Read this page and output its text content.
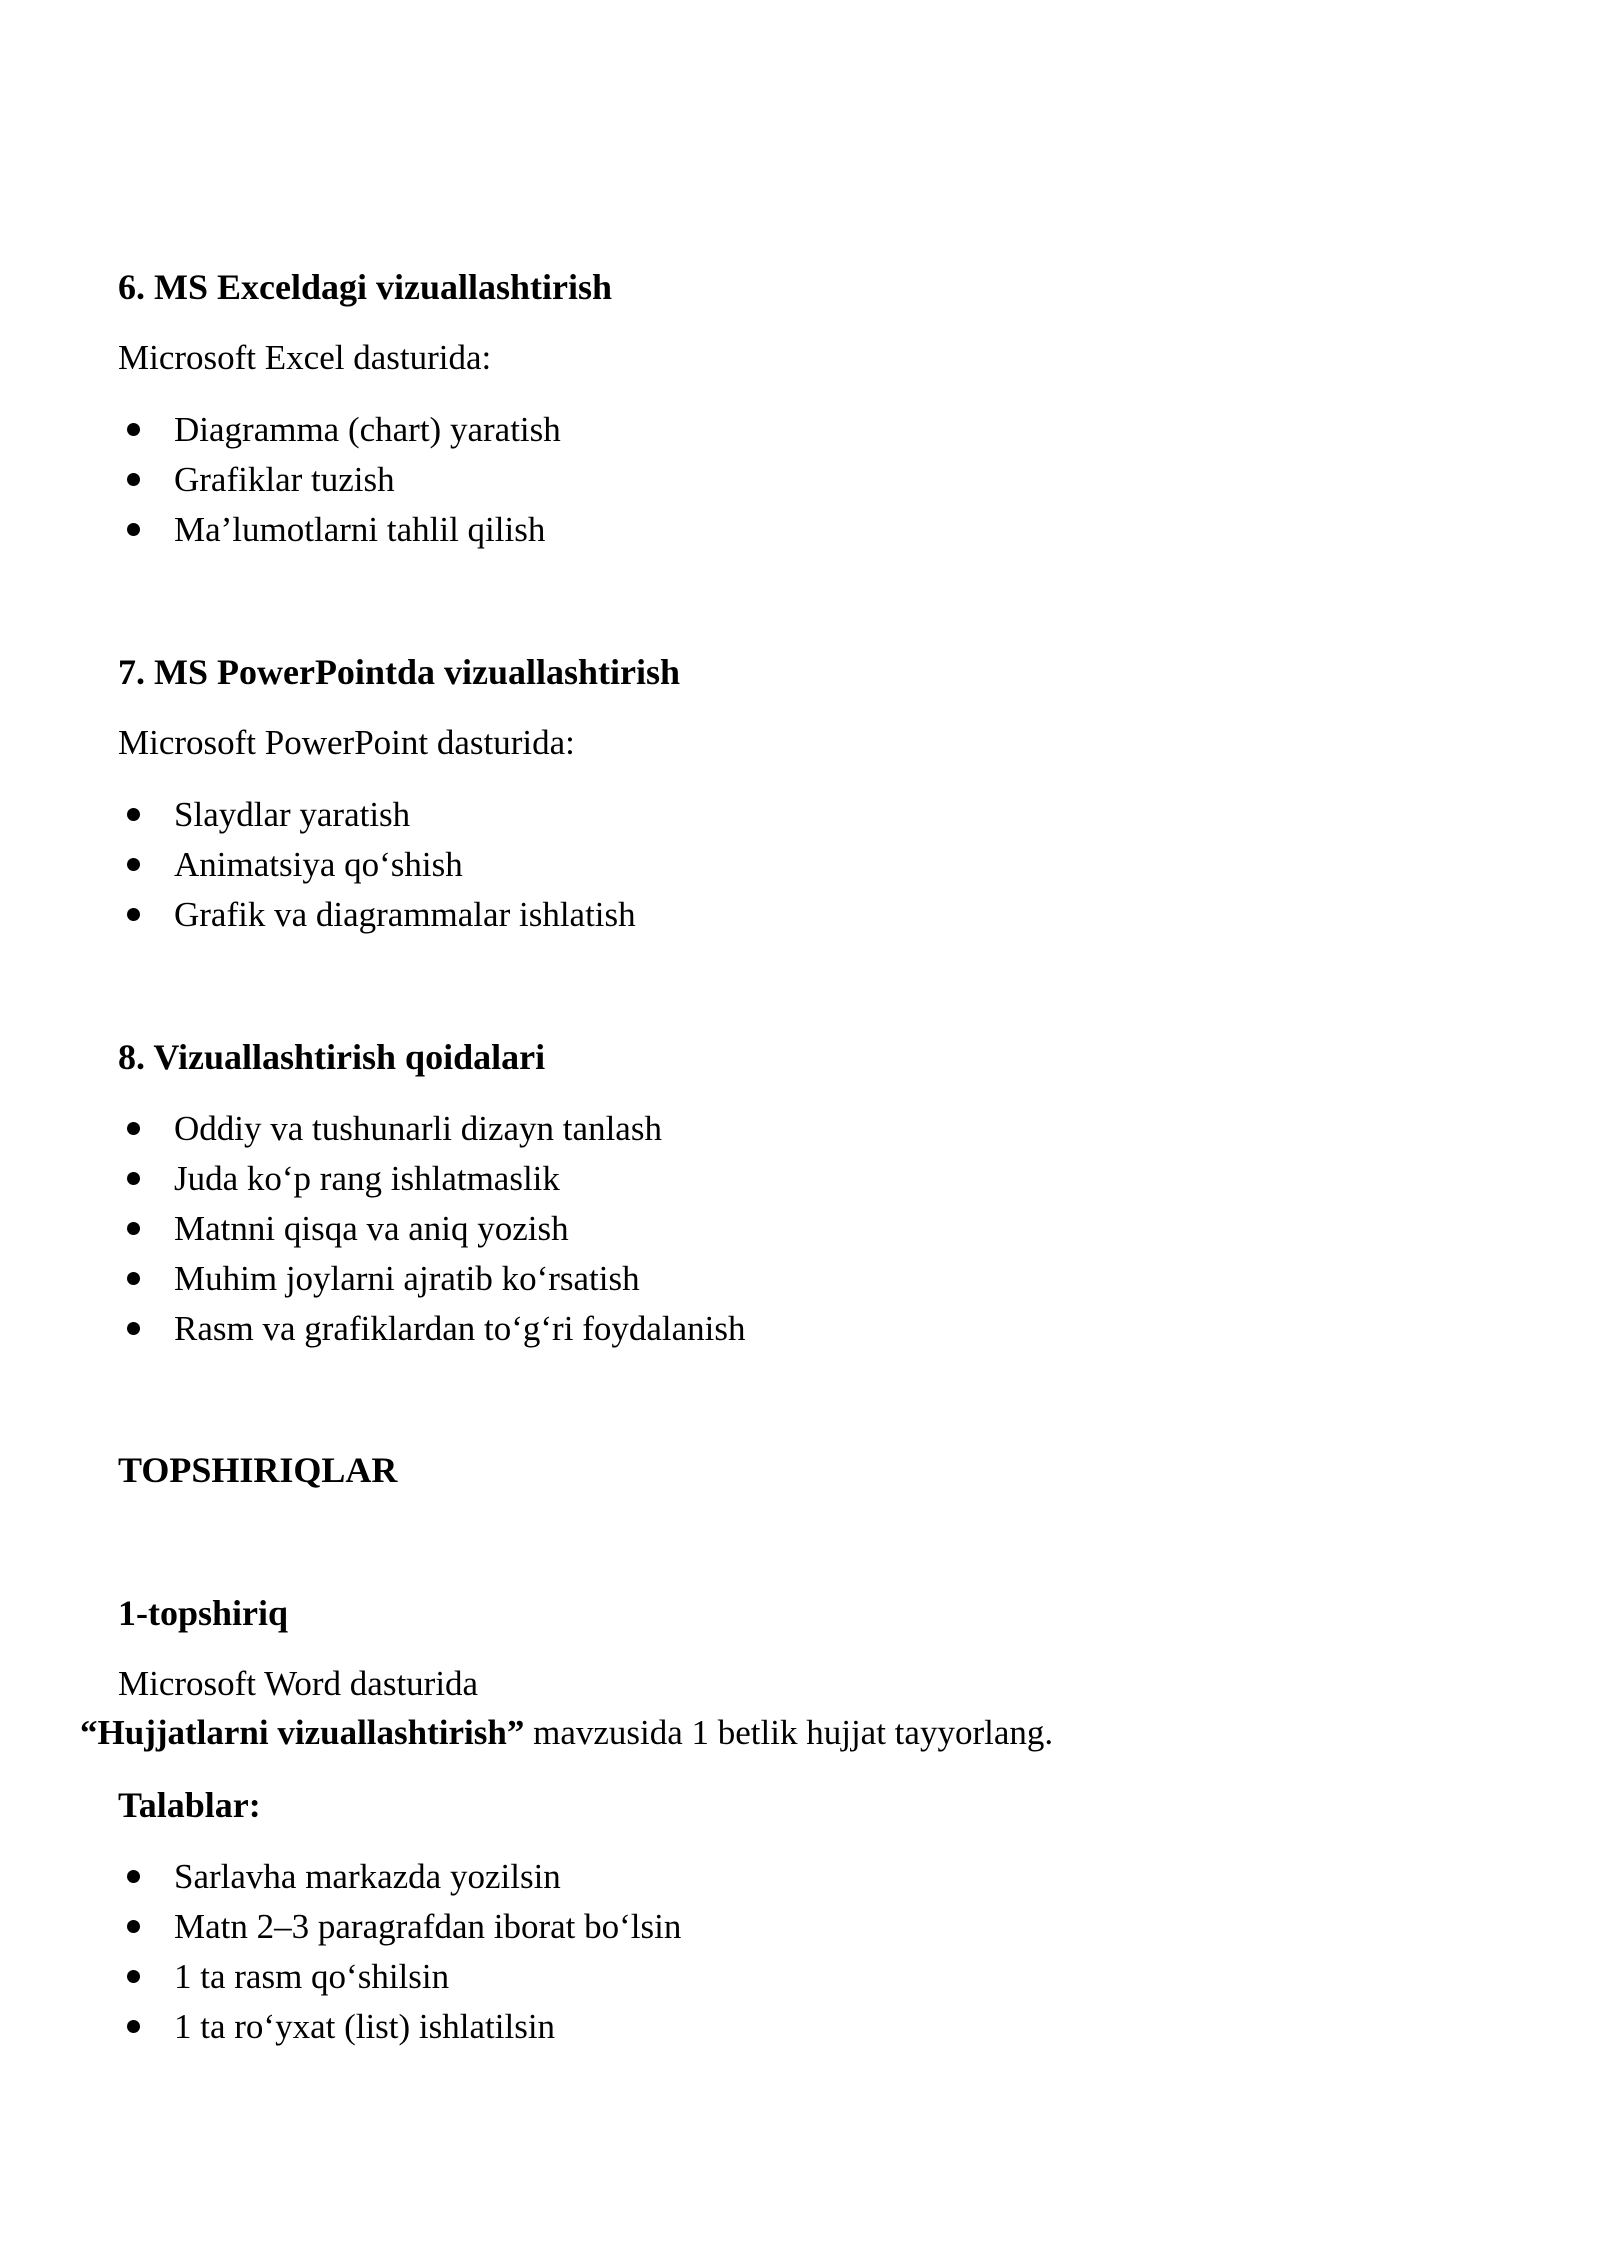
6. MS Exceldagi vizuallashtirish
Microsoft Excel dasturida:
Diagramma (chart) yaratish
Grafiklar tuzish
Ma’lumotlarni tahlil qilish
7. MS PowerPointda vizuallashtirish
Microsoft PowerPoint dasturida:
Slaydlar yaratish
Animatsiya qo‘shish
Grafik va diagrammalar ishlatish
8. Vizuallashtirish qoidalari
Oddiy va tushunarli dizayn tanlash
Juda ko‘p rang ishlatmaslik
Matnni qisqa va aniq yozish
Muhim joylarni ajratib ko‘rsatish
Rasm va grafiklardan to‘g‘ri foydalanish
TOPSHIRIQLAR
1-topshiriq
Microsoft Word dasturida
“Hujjatlarni vizuallashtirish” mavzusida 1 betlik hujjat tayyorlang.
Talablar:
Sarlavha markazda yozilsin
Matn 2–3 paragrafdan iborat bo‘lsin
1 ta rasm qo‘shilsin
1 ta ro‘yxat (list) ishlatilsin
